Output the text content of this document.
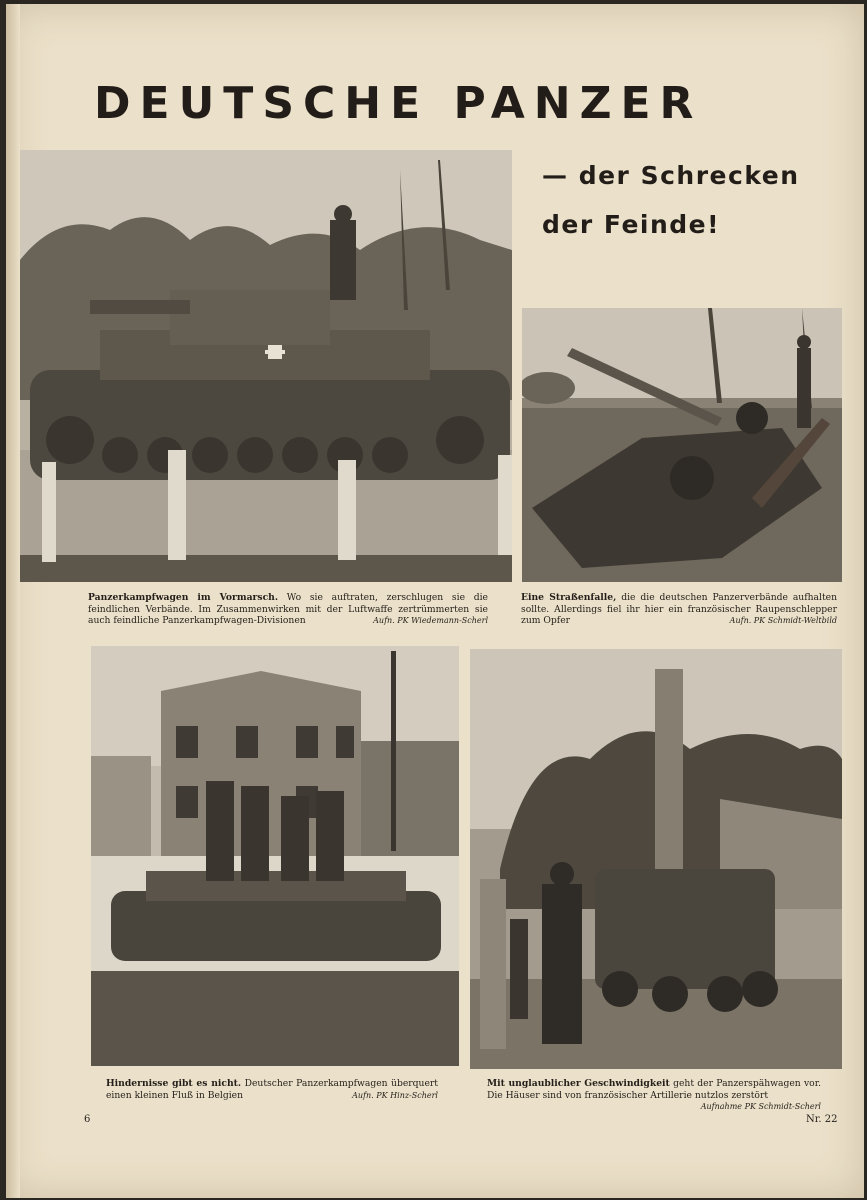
DEUTSCHE PANZER

— der Schrecken

der Feinde!

Panzerkampfwagen im Vormarsch. Wo sie auftraten, zerschlugen sie die feindlichen Verbände. Im Zusammenwirken mit der Luftwaffe zertrümmerten sie auch feindliche Panzerkampfwagen-Divisionen	Aufn. PK Wiedemann-Scherl
Eine Straßenfalle, die die deutschen Panzerverbände aufhalten sollte. Allerdings fiel ihr hier ein französischer Raupenschlepper zum Opfer	Aufn. PK Schmidt-Weltbild
Hindernisse gibt es nicht. Deutscher Panzerkampfwagen überquert einen kleinen Fluß in Belgien	Aufn. PK Hinz-Scherl
Mit unglaublicher Geschwindigkeit geht der Panzerspähwagen vor. Die Häuser sind von französischer Artillerie nutzlos zerstört
Aufnahme PK Schmidt-Scherl
6	Nr. 22
